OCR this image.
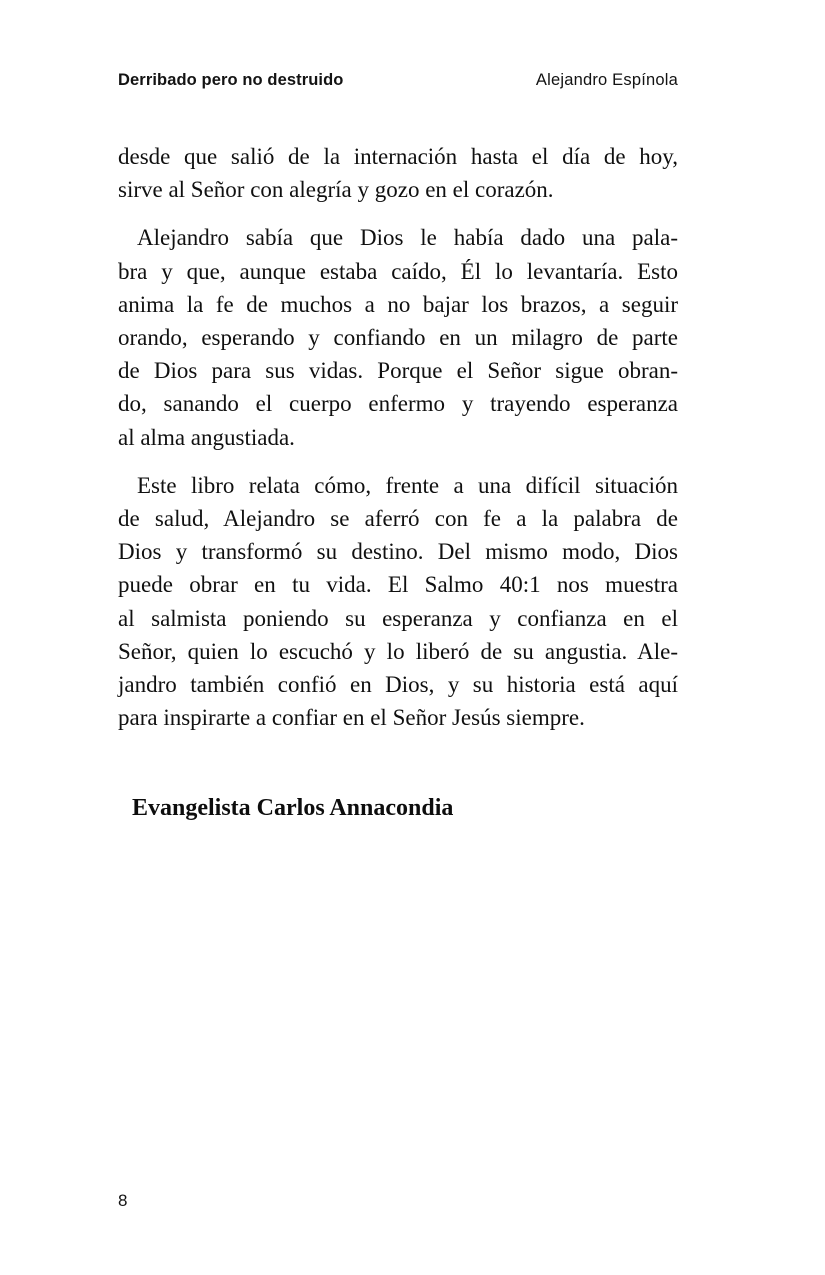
Derribado pero no destruido	Alejandro Espínola

desde que salió de la internación hasta el día de hoy,
sirve al Señor con alegría y gozo en el corazón.

Alejandro sabía que Dios le había dado una pala-
bra y que, aunque estaba caído, Él lo levantaría. Esto
anima la fe de muchos a no bajar los brazos, a seguir
orando, esperando y confiando en un milagro de parte
de Dios para sus vidas. Porque el Señor sigue obran-
do, sanando el cuerpo enfermo y trayendo esperanza
al alma angustiada.

Este libro relata cómo, frente a una difícil situación
de salud, Alejandro se aferró con fe a la palabra de
Dios y transformó su destino. Del mismo modo, Dios
puede obrar en tu vida. El Salmo 40:1 nos muestra
al salmista poniendo su esperanza y confianza en el
Señor, quien lo escuchó y lo liberó de su angustia. Ale-
jandro también confió en Dios, y su historia está aquí
para inspirarte a confiar en el Señor Jesús siempre.

Evangelista Carlos Annacondia

8
